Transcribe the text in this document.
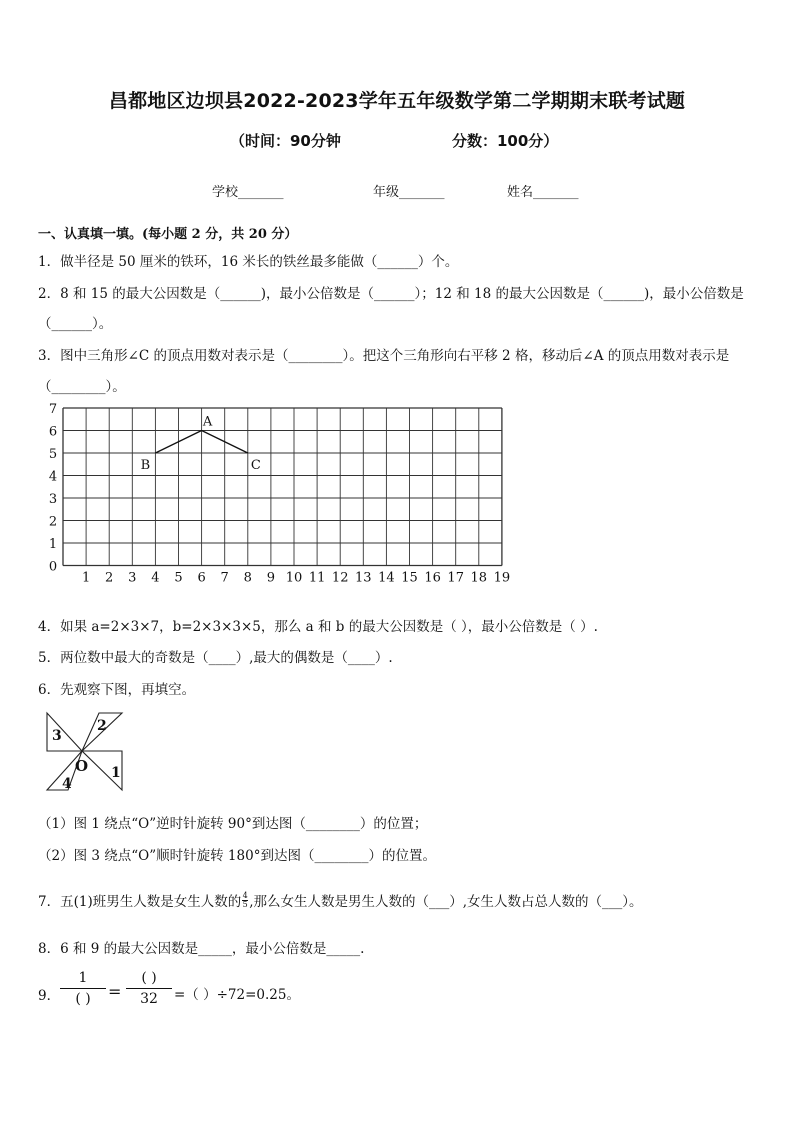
昌都地区边坝县2022-2023学年五年级数学第二学期期末联考试题
（时间：90分钟	分数：100分）
学校_______	年级_______	姓名_______
一、认真填一填。(每小题 2 分，共 20 分）
1．做半径是 50 厘米的铁环，16 米长的铁丝最多能做（______）个。
2．8 和 15 的最大公因数是（______)，最小公倍数是（______）；12 和 18 的最大公因数是（______)，最小公倍数是
（______）。
3．图中三角形∠C 的顶点用数对表示是（________）。把这个三角形向右平移 2 格，移动后∠A 的顶点用数对表示是
（________）。
1 2 3 4 5 6 7 8 9 10 11 12 13 14 15 16 17 18 19
0
1
2
3
4
5
6
7
A
B	C
4．如果 a=2×3×7，b=2×3×3×5，那么 a 和 b 的最大公因数是（ ），最小公倍数是（ ）.
5．两位数中最大的奇数是（____）,最大的偶数是（____）.
6．先观察下图，再填空。
2
3
1
4
O
（1）图 1 绕点“O”逆时针旋转 90°到达图（________）的位置；
（2）图 3 绕点“O”顺时针旋转 180°到达图（________）的位置。
7．五(1)班男生人数是女生人数的 4
5 ,那么女生人数是男生人数的（___）,女生人数占总人数的（___）。
8．6 和 9 的最大公因数是_____，最小公倍数是_____.
9．
1
( )	=
( )
32	=（ ）÷72=0.25。
